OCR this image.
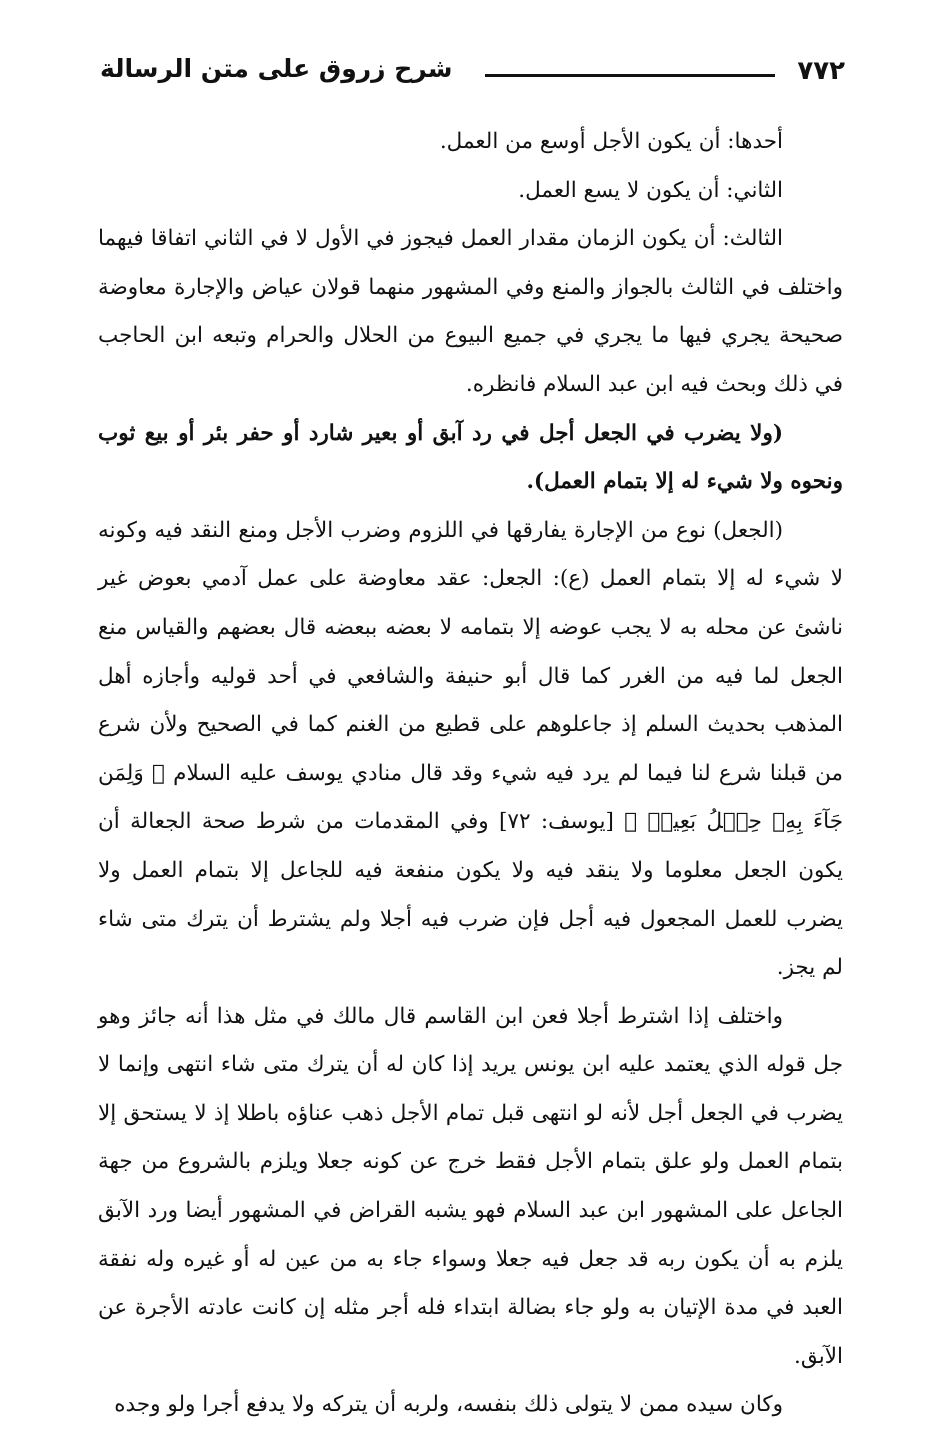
٧٧٢
شرح زروق على متن الرسالة

أحدها: أن يكون الأجل أوسع من العمل.

الثاني: أن يكون لا يسع العمل.

الثالث: أن يكون الزمان مقدار العمل فيجوز في الأول لا في الثاني اتفاقا فيهما واختلف في الثالث بالجواز والمنع وفي المشهور منهما قولان عياض والإجارة معاوضة صحيحة يجري فيها ما يجري في جميع البيوع من الحلال والحرام وتبعه ابن الحاجب في ذلك وبحث فيه ابن عبد السلام فانظره.

(ولا يضرب في الجعل أجل في رد آبق أو بعير شارد أو حفر بئر أو بيع ثوب ونحوه ولا شيء له إلا بتمام العمل).

(الجعل) نوع من الإجارة يفارقها في اللزوم وضرب الأجل ومنع النقد فيه وكونه لا شيء له إلا بتمام العمل (ع): الجعل: عقد معاوضة على عمل آدمي بعوض غير ناشئ عن محله به لا يجب عوضه إلا بتمامه لا بعضه ببعضه قال بعضهم والقياس منع الجعل لما فيه من الغرر كما قال أبو حنيفة والشافعي في أحد قوليه وأجازه أهل المذهب بحديث السلم إذ جاعلوهم على قطيع من الغنم كما في الصحيح ولأن شرع من قبلنا شرع لنا فيما لم يرد فيه شيء وقد قال منادي يوسف عليه السلام ﴿ وَلِمَن جَآءَ بِهِۦ حِمۡلُ بَعِيرٖ ﴾ [يوسف: ٧٢] وفي المقدمات من شرط صحة الجعالة أن يكون الجعل معلوما ولا ينقد فيه ولا يكون منفعة فيه للجاعل إلا بتمام العمل ولا يضرب للعمل المجعول فيه أجل فإن ضرب فيه أجلا ولم يشترط أن يترك متى شاء لم يجز.

واختلف إذا اشترط أجلا فعن ابن القاسم قال مالك في مثل هذا أنه جائز وهو جل قوله الذي يعتمد عليه ابن يونس يريد إذا كان له أن يترك متى شاء انتهى وإنما لا يضرب في الجعل أجل لأنه لو انتهى قبل تمام الأجل ذهب عناؤه باطلا إذ لا يستحق إلا بتمام العمل ولو علق بتمام الأجل فقط خرج عن كونه جعلا ويلزم بالشروع من جهة الجاعل على المشهور ابن عبد السلام فهو يشبه القراض في المشهور أيضا ورد الآبق يلزم به أن يكون ربه قد جعل فيه جعلا وسواء جاء به من عين له أو غيره وله نفقة العبد في مدة الإتيان به ولو جاء بضالة ابتداء فله أجر مثله إن كانت عادته الأجرة عن الآبق.

وكان سيده ممن لا يتولى ذلك بنفسه، ولربه أن يتركه ولا يدفع أجرا ولو وجده
